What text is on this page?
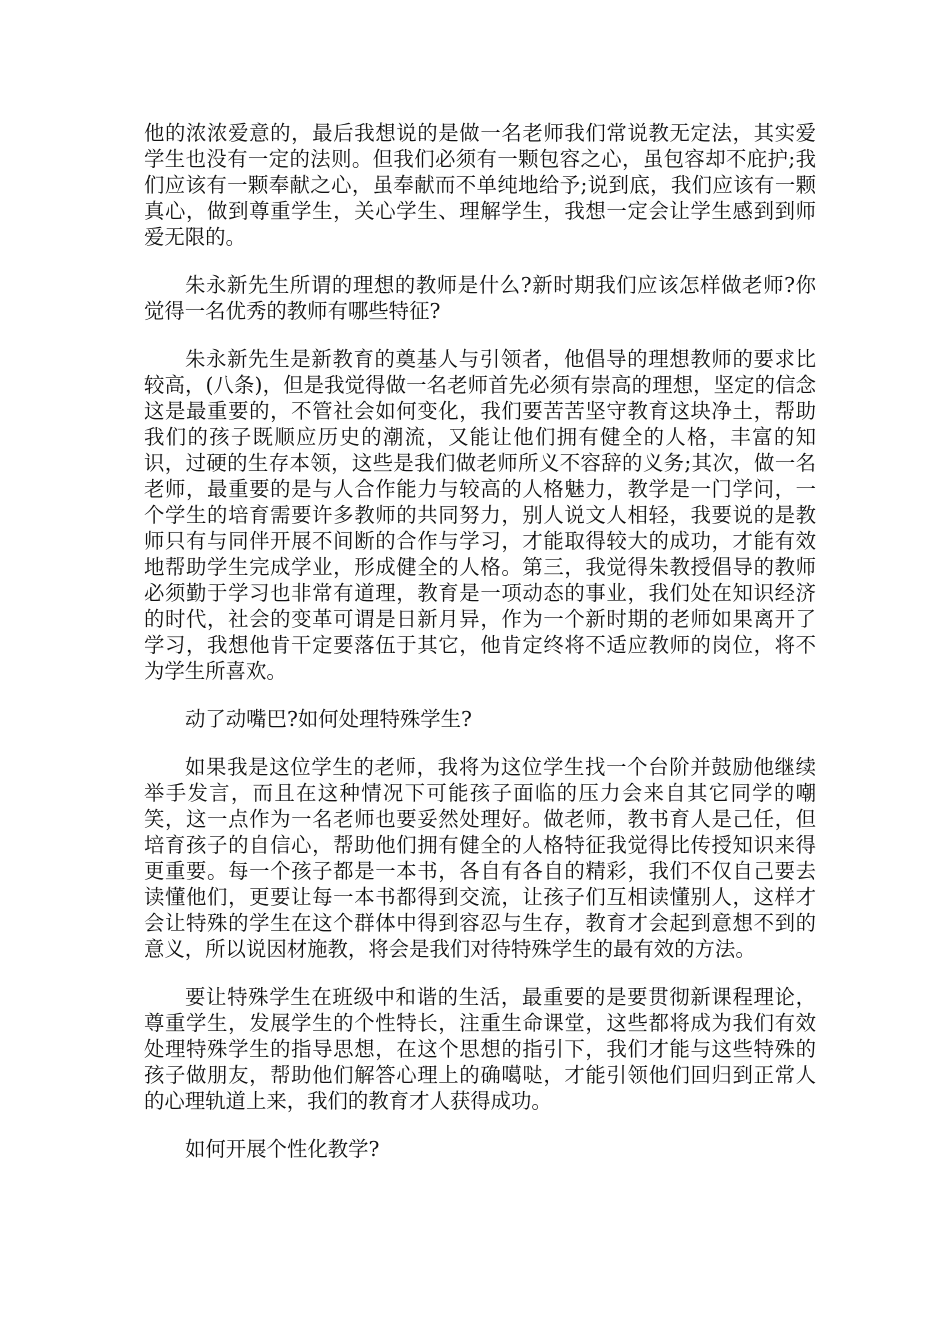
他的浓浓爱意的，最后我想说的是做一名老师我们常说教无定法，其实爱学生也没有一定的法则。但我们必须有一颗包容之心，虽包容却不庇护;我们应该有一颗奉献之心，虽奉献而不单纯地给予;说到底，我们应该有一颗真心，做到尊重学生，关心学生、理解学生，我想一定会让学生感到到师爱无限的。

朱永新先生所谓的理想的教师是什么?新时期我们应该怎样做老师?你觉得一名优秀的教师有哪些特征?

朱永新先生是新教育的奠基人与引领者，他倡导的理想教师的要求比较高，(八条)，但是我觉得做一名老师首先必须有崇高的理想，坚定的信念这是最重要的，不管社会如何变化，我们要苦苦坚守教育这块净土，帮助我们的孩子既顺应历史的潮流，又能让他们拥有健全的人格，丰富的知识，过硬的生存本领，这些是我们做老师所义不容辞的义务;其次，做一名老师，最重要的是与人合作能力与较高的人格魅力，教学是一门学问，一个学生的培育需要许多教师的共同努力，别人说文人相轻，我要说的是教师只有与同伴开展不间断的合作与学习，才能取得较大的成功，才能有效地帮助学生完成学业，形成健全的人格。第三，我觉得朱教授倡导的教师必须勤于学习也非常有道理，教育是一项动态的事业，我们处在知识经济的时代，社会的变革可谓是日新月异，作为一个新时期的老师如果离开了学习，我想他肯干定要落伍于其它，他肯定终将不适应教师的岗位，将不为学生所喜欢。

动了动嘴巴?如何处理特殊学生?

如果我是这位学生的老师，我将为这位学生找一个台阶并鼓励他继续举手发言，而且在这种情况下可能孩子面临的压力会来自其它同学的嘲笑，这一点作为一名老师也要妥然处理好。做老师，教书育人是己任，但培育孩子的自信心，帮助他们拥有健全的人格特征我觉得比传授知识来得更重要。每一个孩子都是一本书，各自有各自的精彩，我们不仅自己要去读懂他们，更要让每一本书都得到交流，让孩子们互相读懂别人，这样才会让特殊的学生在这个群体中得到容忍与生存，教育才会起到意想不到的意义，所以说因材施教，将会是我们对待特殊学生的最有效的方法。

要让特殊学生在班级中和谐的生活，最重要的是要贯彻新课程理论，尊重学生，发展学生的个性特长，注重生命课堂，这些都将成为我们有效处理特殊学生的指导思想，在这个思想的指引下，我们才能与这些特殊的孩子做朋友，帮助他们解答心理上的确噶哒，才能引领他们回归到正常人的心理轨道上来，我们的教育才人获得成功。

如何开展个性化教学?
